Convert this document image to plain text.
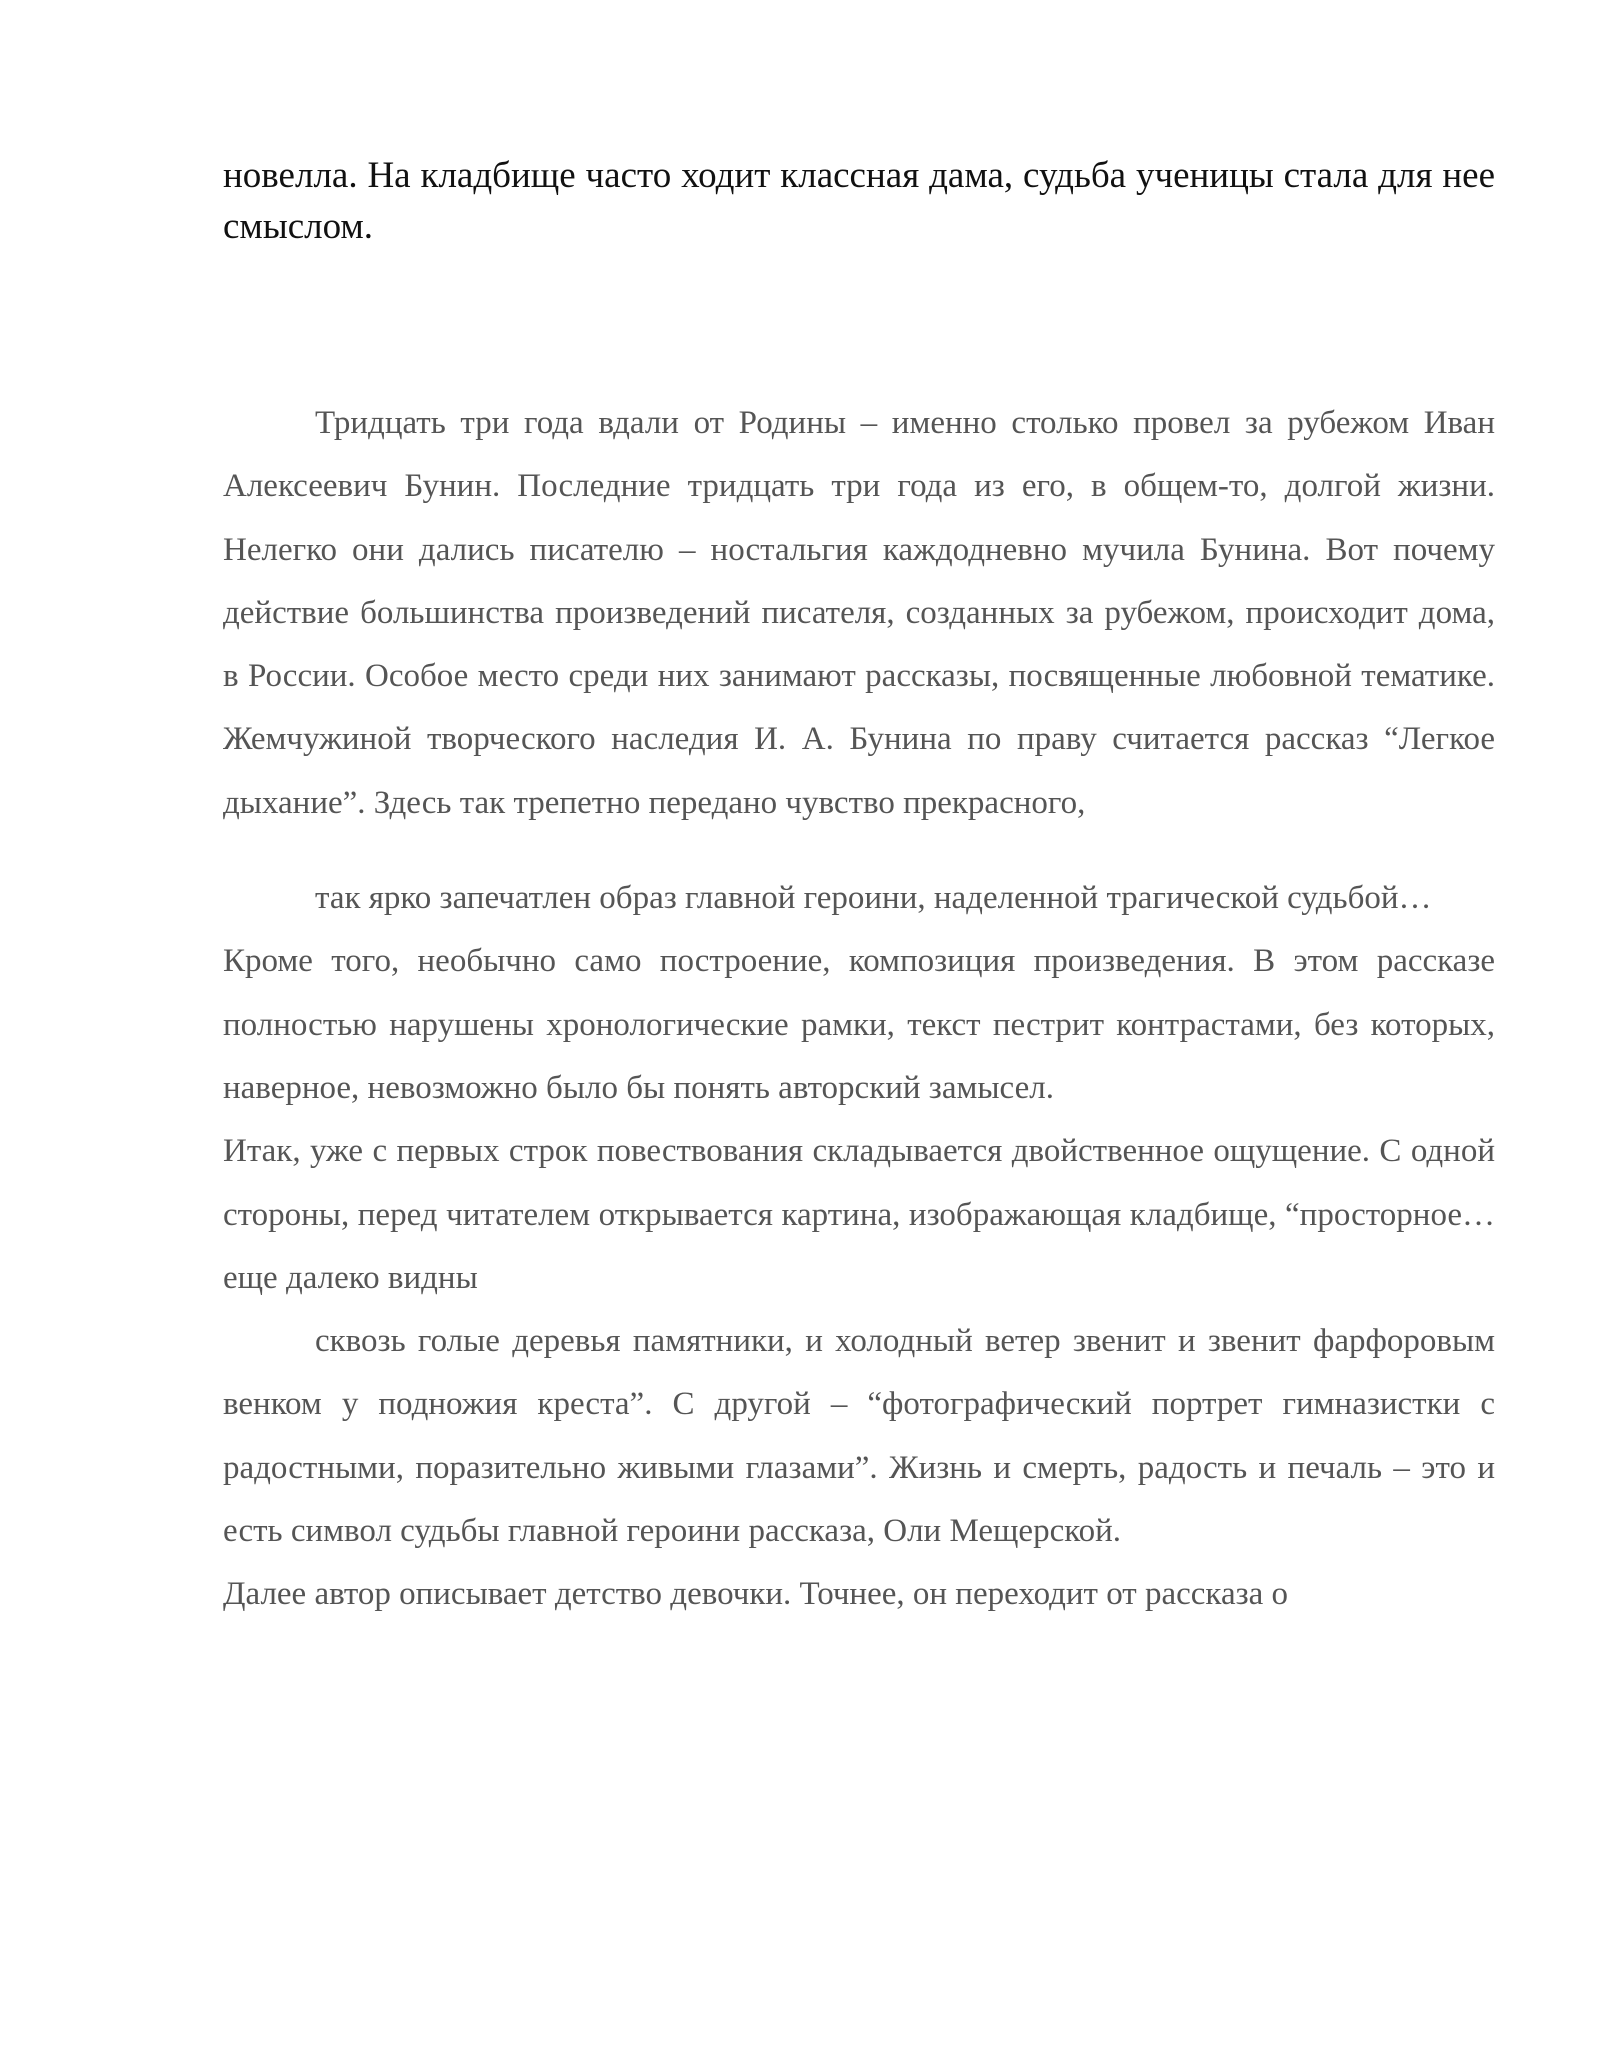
новелла. На кладбище часто ходит классная дама, судьба ученицы стала для нее смыслом.

Тридцать три года вдали от Родины – именно столько провел за рубежом Иван Алексеевич Бунин. Последние тридцать три года из его, в общем-то, долгой жизни. Нелегко они дались писателю – ностальгия каждодневно мучила Бунина. Вот почему действие большинства произведений писателя, созданных за рубежом, происходит дома, в России. Особое место среди них занимают рассказы, посвященные любовной тематике. Жемчужиной творческого наследия И. А. Бунина по праву считается рассказ “Легкое дыхание”. Здесь так трепетно передано чувство прекрасного,

так ярко запечатлен образ главной героини, наделенной трагической судьбой…

Кроме того, необычно само построение, композиция произведения. В этом рассказе полностью нарушены хронологические рамки, текст пестрит контрастами, без которых, наверное, невозможно было бы понять авторский замысел.

Итак, уже с первых строк повествования складывается двойственное ощущение. С одной стороны, перед читателем открывается картина, изображающая кладбище, “просторное… еще далеко видны

сквозь голые деревья памятники, и холодный ветер звенит и звенит фарфоровым венком у подножия креста”. С другой – “фотографический портрет гимназистки с радостными, поразительно живыми глазами”. Жизнь и смерть, радость и печаль – это и есть символ судьбы главной героини рассказа, Оли Мещерской.

Далее автор описывает детство девочки. Точнее, он переходит от рассказа о
